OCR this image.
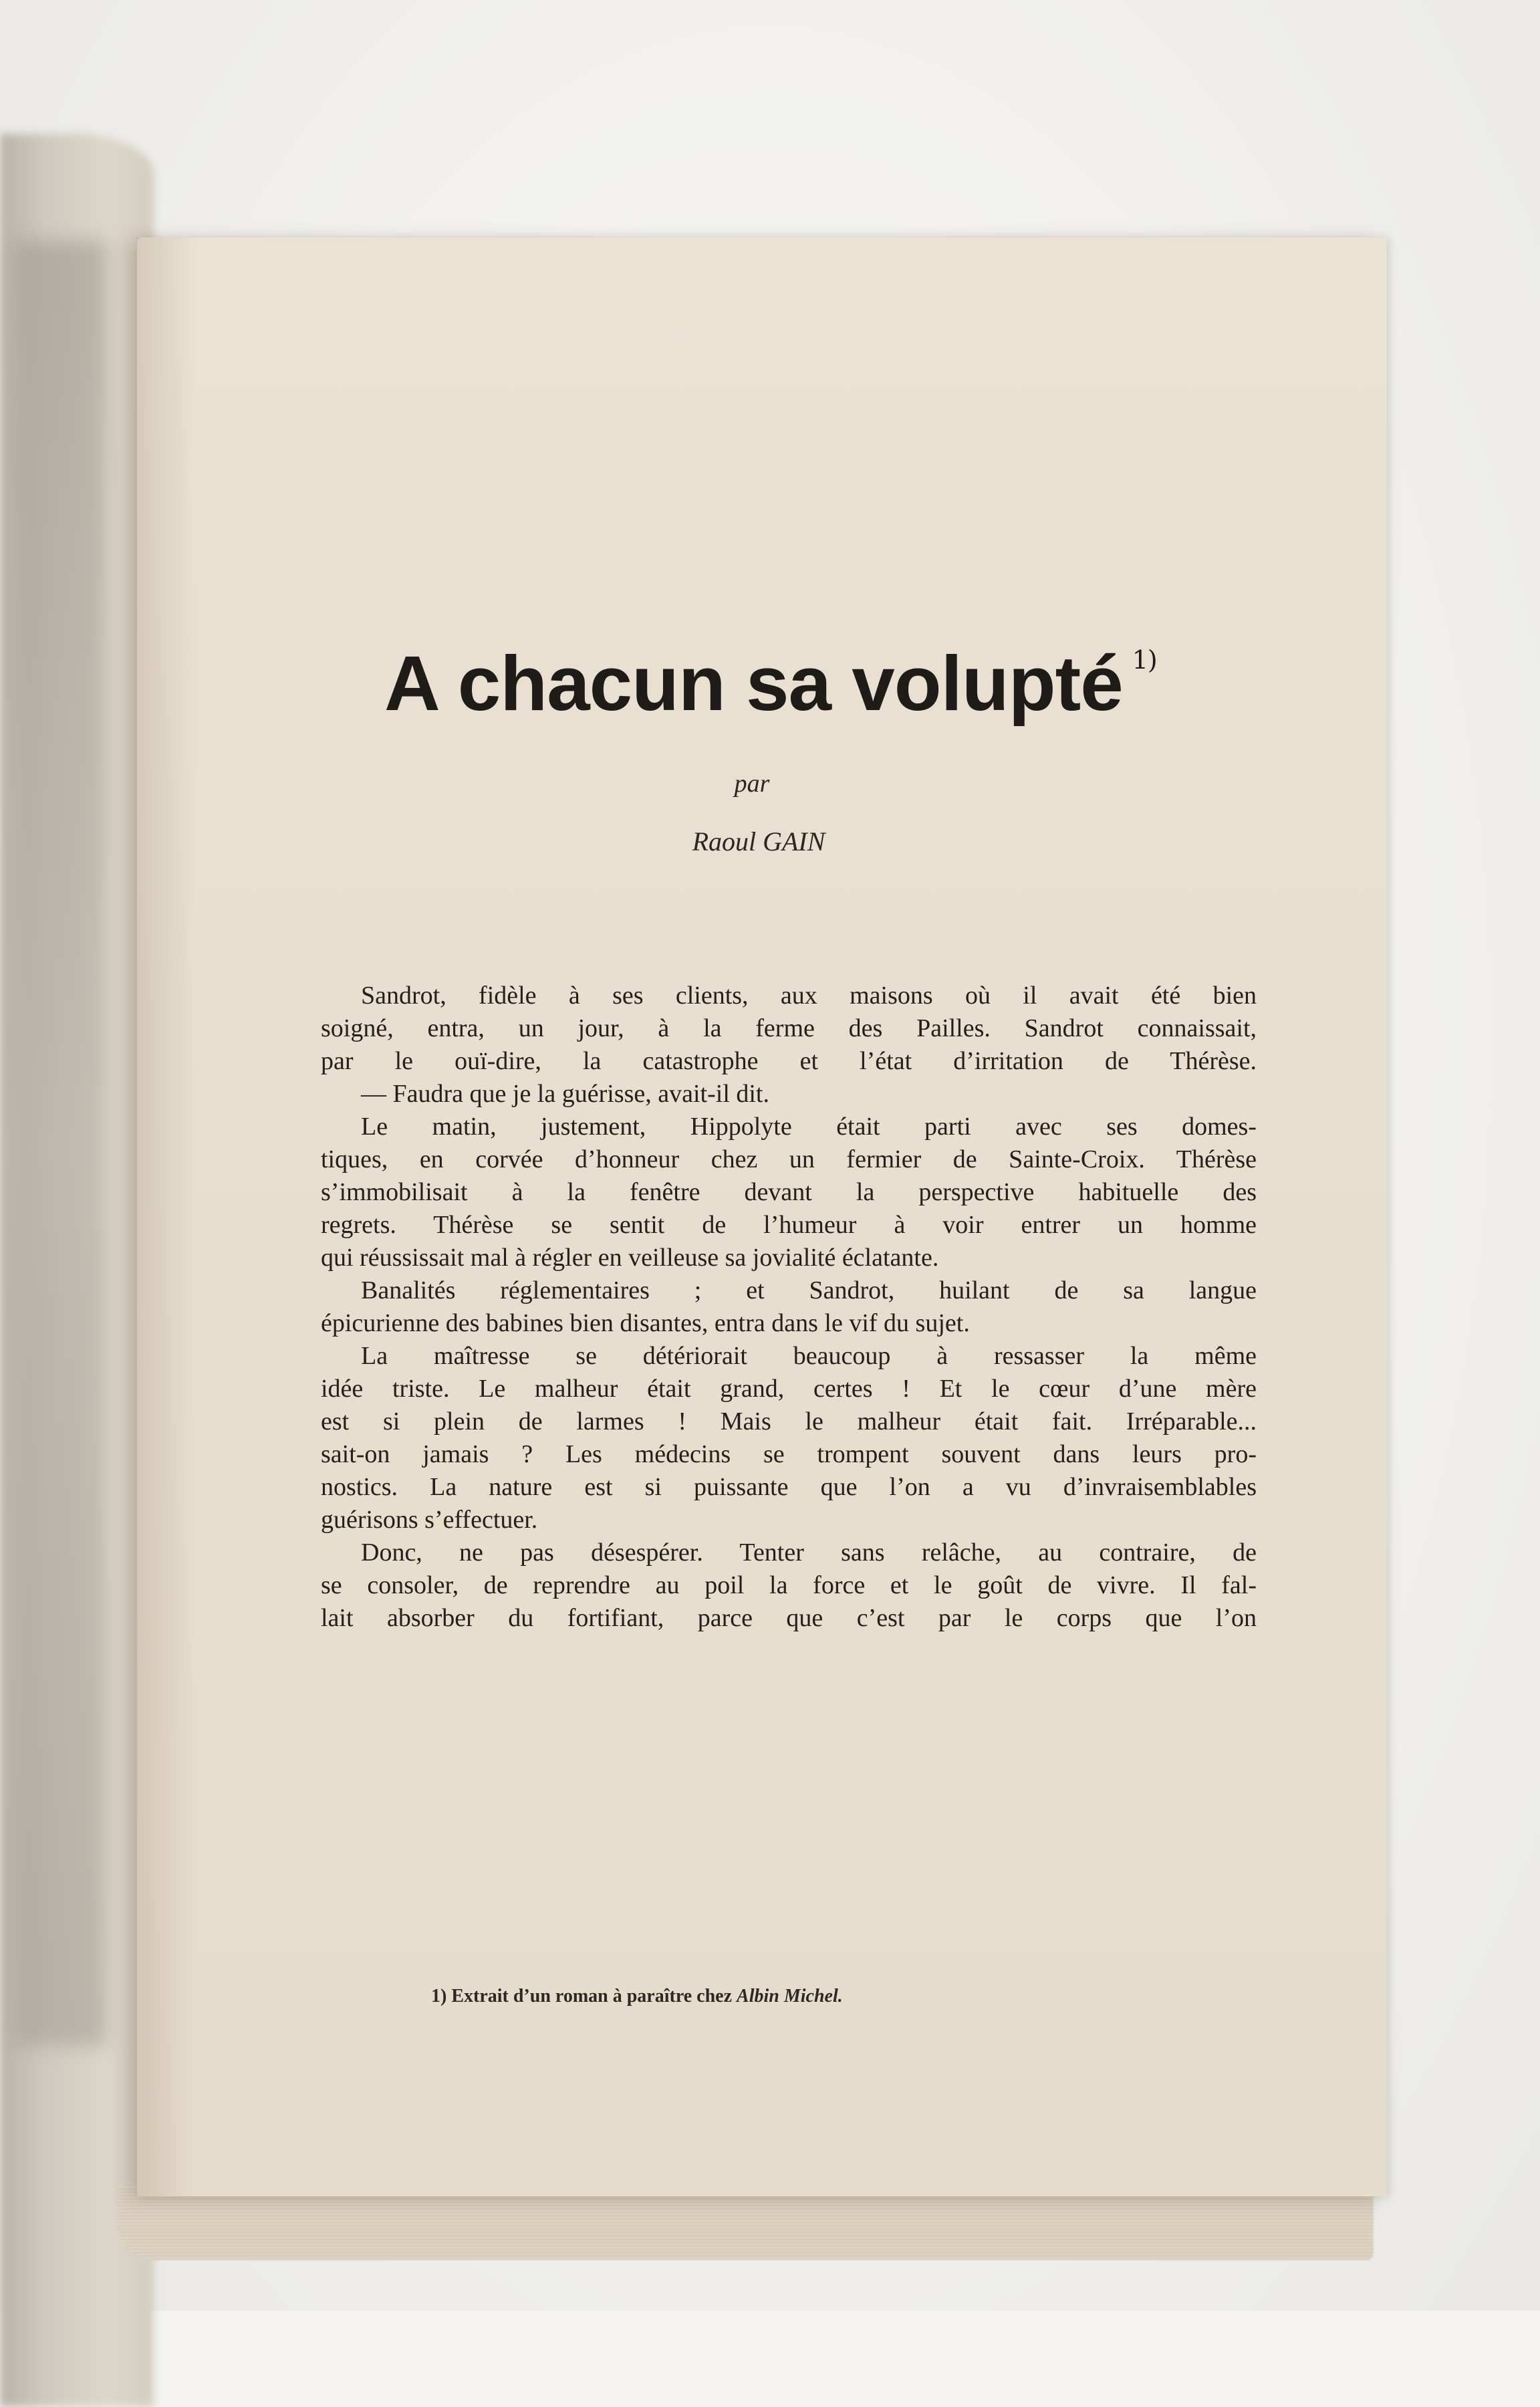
A chacun sa volupté $^{1)}$
par
Raoul GAIN
Sandrot, fidèle à ses clients, aux maisons où il avait été bien
soigné, entra, un jour, à la ferme des Pailles. Sandrot connaissait,
par le ouï-dire, la catastrophe et l’état d’irritation de Thérèse.
— Faudra que je la guérisse, avait-il dit.
Le matin, justement, Hippolyte était parti avec ses domes-
tiques, en corvée d’honneur chez un fermier de Sainte-Croix. Thérèse
s’immobilisait à la fenêtre devant la perspective habituelle des
regrets. Thérèse se sentit de l’humeur à voir entrer un homme
qui réussissait mal à régler en veilleuse sa jovialité éclatante.
Banalités réglementaires ; et Sandrot, huilant de sa langue
épicurienne des babines bien disantes, entra dans le vif du sujet.
La maîtresse se détériorait beaucoup à ressasser la même
idée triste. Le malheur était grand, certes ! Et le cœur d’une mère
est si plein de larmes ! Mais le malheur était fait. Irréparable...
sait-on jamais ? Les médecins se trompent souvent dans leurs pro-
nostics. La nature est si puissante que l’on a vu d’invraisemblables
guérisons s’effectuer.
Donc, ne pas désespérer. Tenter sans relâche, au contraire, de
se consoler, de reprendre au poil la force et le goût de vivre. Il fal-
lait absorber du fortifiant, parce que c’est par le corps que l’on
1) Extrait d’un roman à paraître chez Albin Michel.
